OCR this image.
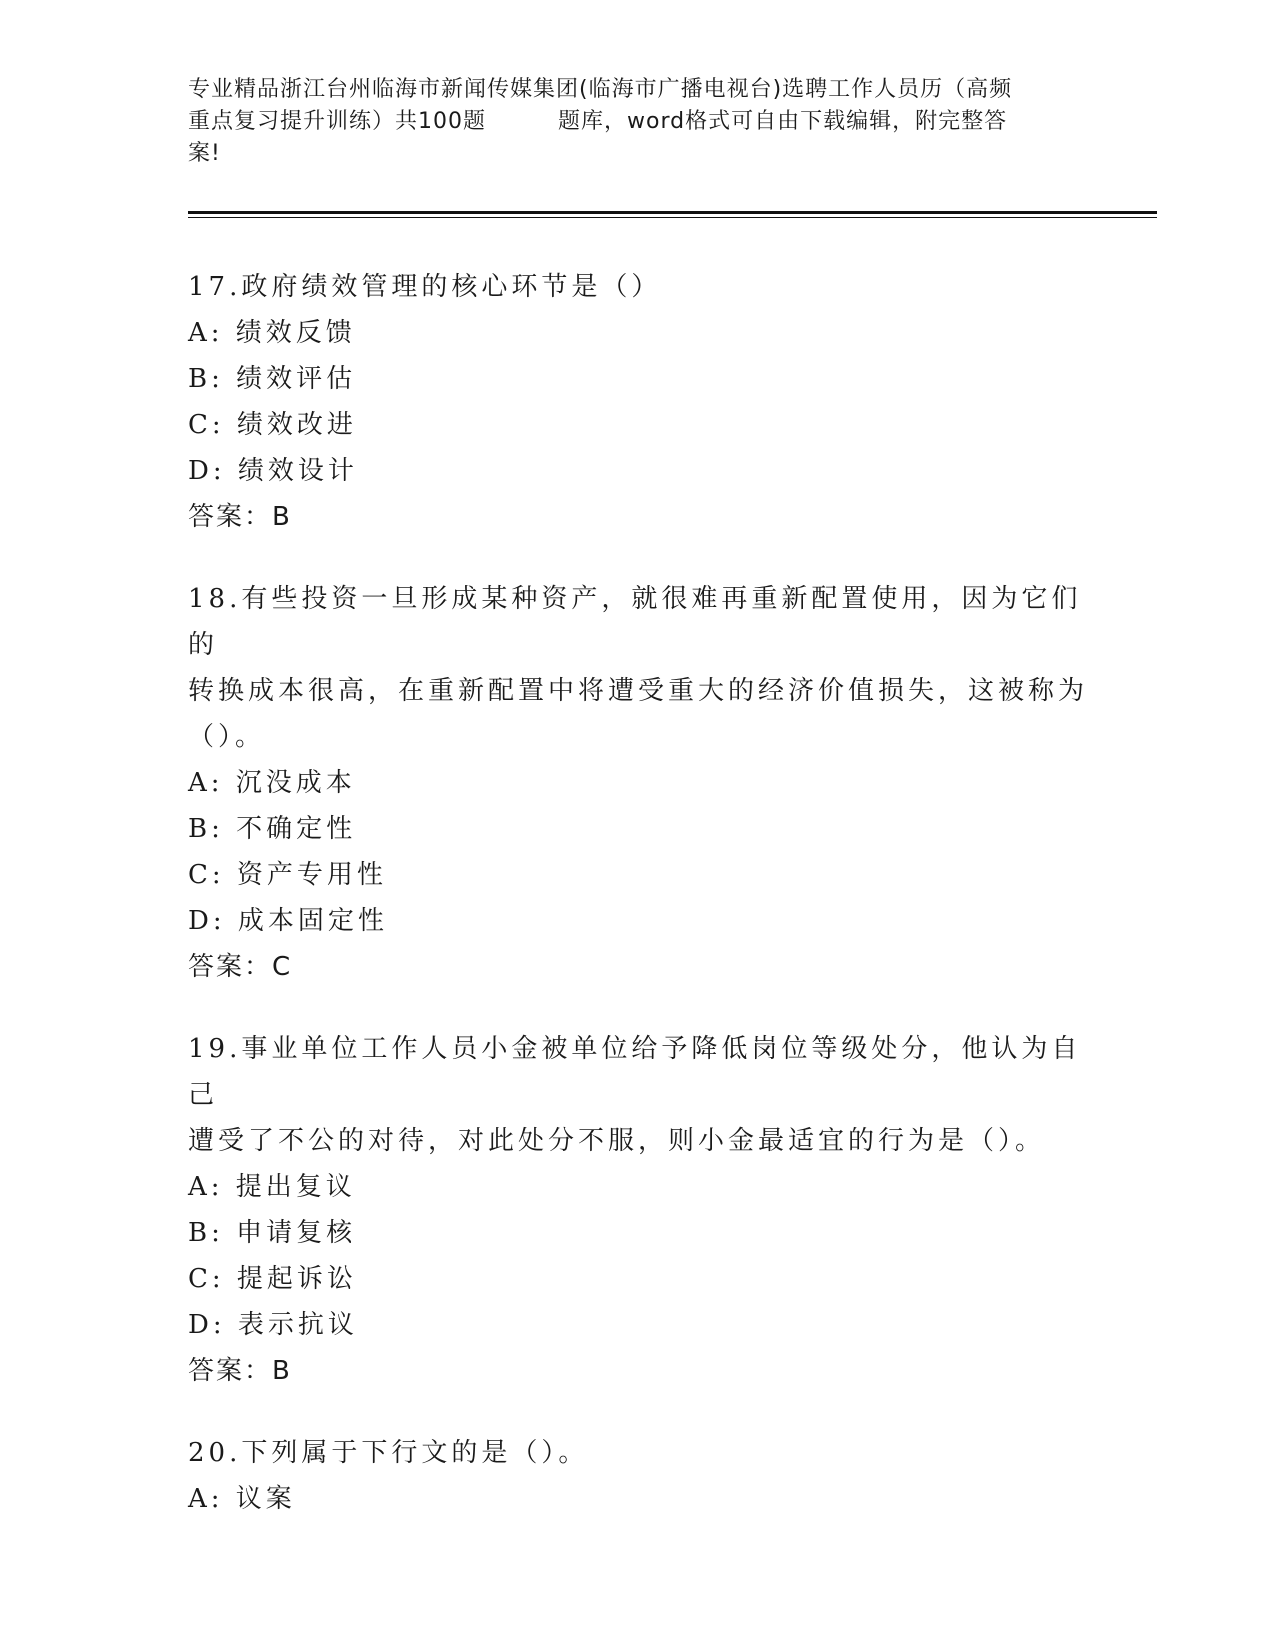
专业精品浙江台州临海市新闻传媒集团(临海市广播电视台)选聘工作人员历（高频
重点复习提升训练）共100题	题库，word格式可自由下载编辑，附完整答
案!
17.政府绩效管理的核心环节是（）
A: 绩效反馈
B: 绩效评估
C: 绩效改进
D: 绩效设计
答案：B
18.有些投资一旦形成某种资产，就很难再重新配置使用，因为它们的
转换成本很高，在重新配置中将遭受重大的经济价值损失，这被称为
（）。
A: 沉没成本
B: 不确定性
C: 资产专用性
D: 成本固定性
答案：C
19.事业单位工作人员小金被单位给予降低岗位等级处分，他认为自己
遭受了不公的对待，对此处分不服，则小金最适宜的行为是（）。
A: 提出复议
B: 申请复核
C: 提起诉讼
D: 表示抗议
答案：B
20.下列属于下行文的是（）。
A: 议案
